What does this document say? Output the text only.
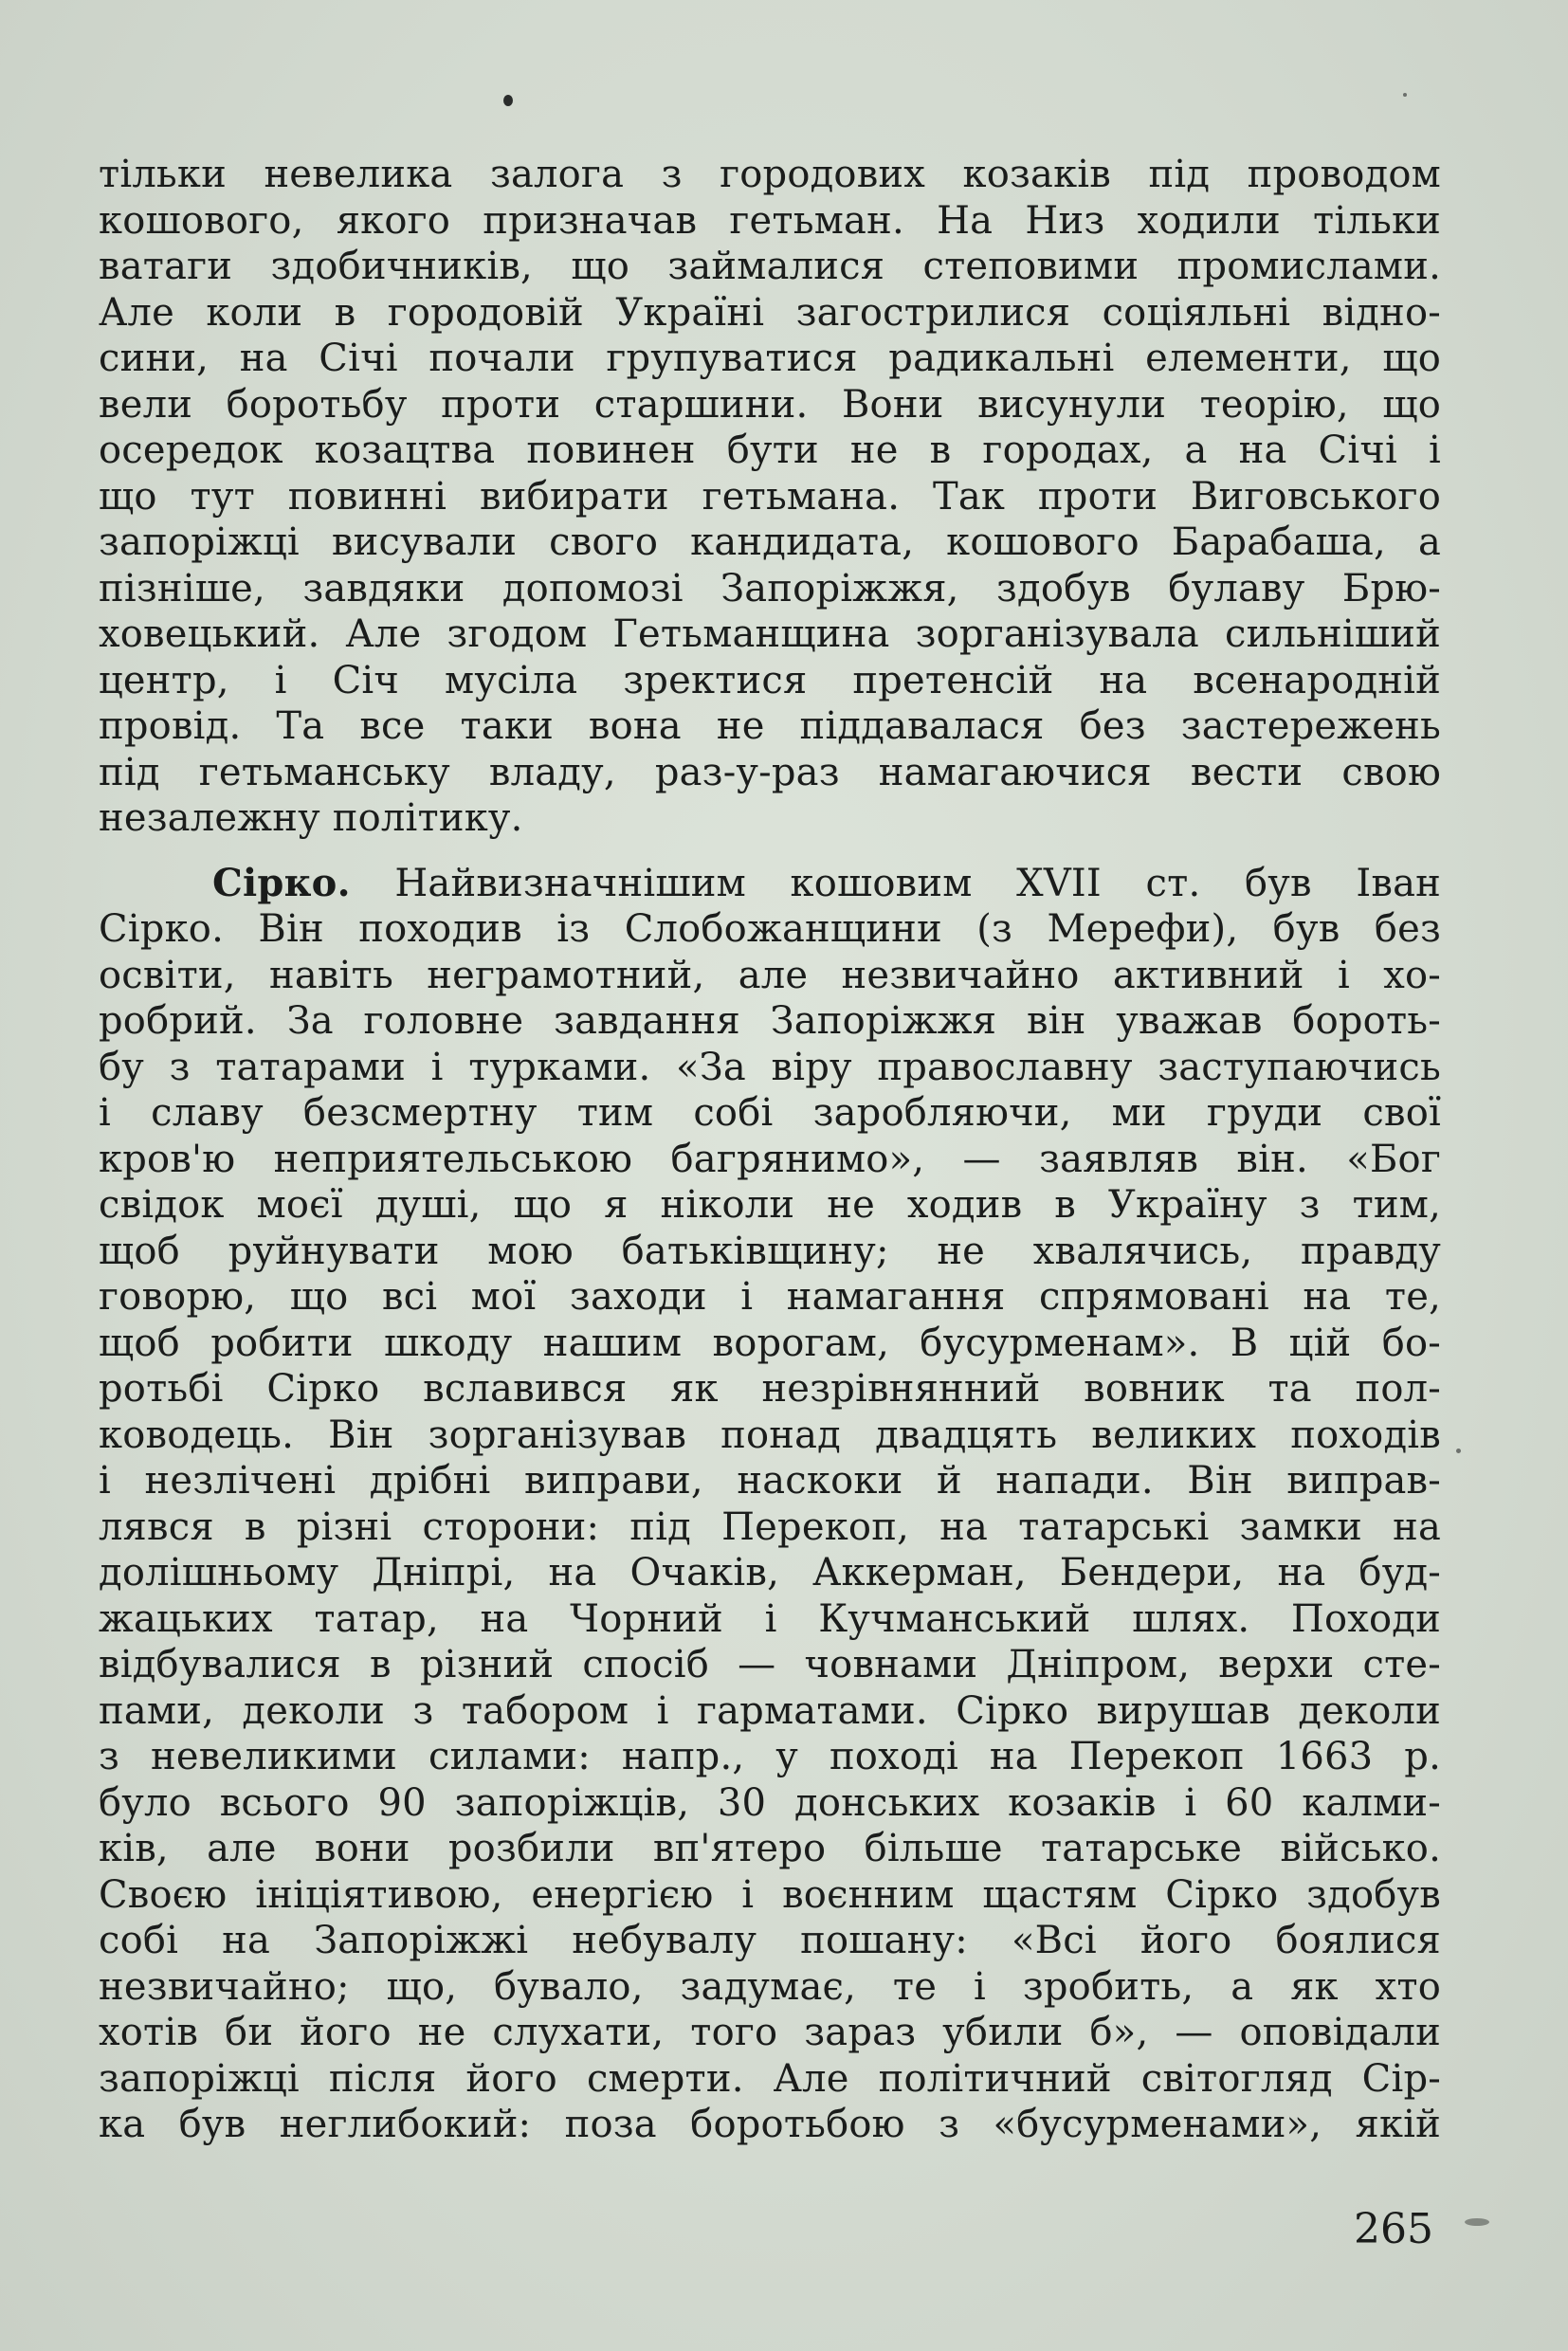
тільки невелика залога з городових козаків під проводом
кошового, якого призначав гетьман. На Низ ходили тільки
ватаги здобичників, що займалися степовими промислами.
Але коли в городовій Україні загострилися соціяльні відно-
сини, на Січі почали групуватися радикальні елементи, що
вели боротьбу проти старшини. Вони висунули теорію, що
осередок козацтва повинен бути не в городах, а на Січі і
що тут повинні вибирати гетьмана. Так проти Виговського
запоріжці висували свого кандидата, кошового Барабаша, а
пізніше, завдяки допомозі Запоріжжя, здобув булаву Брю-
ховецький. Але згодом Гетьманщина зорганізувала сильніший
центр, і Січ мусіла зректися претенсій на всенародній
провід. Та все таки вона не піддавалася без застережень
під гетьманську владу, раз-у-раз намагаючися вести свою
незалежну політику.
Сірко. Найвизначнішим кошовим XVII ст. був Іван
Сірко. Він походив із Слобожанщини (з Мерефи), був без
освіти, навіть неграмотний, але незвичайно активний і хо-
робрий. За головне завдання Запоріжжя він уважав бороть-
бу з татарами і турками. «За віру православну заступаючись
і славу безсмертну тим собі заробляючи, ми груди свої
кров'ю неприятельською багрянимо», — заявляв він. «Бог
свідок моєї душі, що я ніколи не ходив в Україну з тим,
щоб руйнувати мою батьківщину; не хвалячись, правду
говорю, що всі мої заходи і намагання спрямовані на те,
щоб робити шкоду нашим ворогам, бусурменам». В цій бо-
ротьбі Сірко вславився як незрівнянний вовник та пол-
ководець. Він зорганізував понад двадцять великих походів
і незлічені дрібні виправи, наскоки й напади. Він виправ-
лявся в різні сторони: під Перекоп, на татарські замки на
долішньому Дніпрі, на Очаків, Аккерман, Бендери, на буд-
жацьких татар, на Чорний і Кучманський шлях. Походи
відбувалися в різний спосіб — човнами Дніпром, верхи сте-
пами, деколи з табором і гарматами. Сірко вирушав деколи
з невеликими силами: напр., у поході на Перекоп 1663 р.
було всього 90 запоріжців, 30 донських козаків і 60 калми-
ків, але вони розбили вп'ятеро більше татарське військо.
Своєю ініціятивою, енергією і воєнним щастям Сірко здобув
собі на Запоріжжі небувалу пошану: «Всі його боялися
незвичайно; що, бувало, задумає, те і зробить, а як хто
хотів би його не слухати, того зараз убили б», — оповідали
запоріжці після його смерти. Але політичний світогляд Сір-
ка був неглибокий: поза боротьбою з «бусурменами», якій
265
